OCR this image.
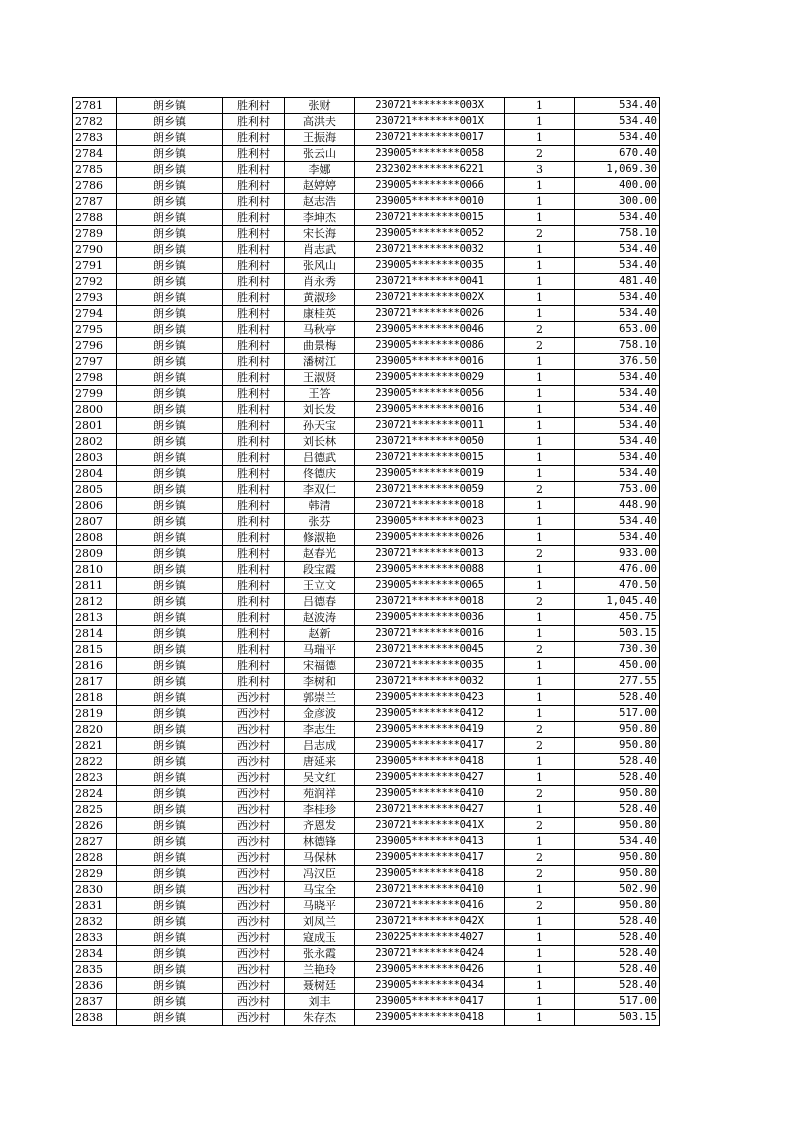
2781	朗乡镇	胜利村	张财	230721********003X	1	534.40
2782	朗乡镇	胜利村	高洪夫	230721********001X	1	534.40
2783	朗乡镇	胜利村	王振海	230721********0017	1	534.40
2784	朗乡镇	胜利村	张云山	239005********0058	2	670.40
2785	朗乡镇	胜利村	李娜	232302********6221	3	1,069.30
2786	朗乡镇	胜利村	赵婷婷	239005********0066	1	400.00
2787	朗乡镇	胜利村	赵志浩	239005********0010	1	300.00
2788	朗乡镇	胜利村	李坤杰	230721********0015	1	534.40
2789	朗乡镇	胜利村	宋长海	239005********0052	2	758.10
2790	朗乡镇	胜利村	肖志武	230721********0032	1	534.40
2791	朗乡镇	胜利村	张风山	239005********0035	1	534.40
2792	朗乡镇	胜利村	肖永秀	230721********0041	1	481.40
2793	朗乡镇	胜利村	黄淑珍	230721********002X	1	534.40
2794	朗乡镇	胜利村	康桂英	230721********0026	1	534.40
2795	朗乡镇	胜利村	马秋亭	239005********0046	2	653.00
2796	朗乡镇	胜利村	曲景梅	239005********0086	2	758.10
2797	朗乡镇	胜利村	潘树江	239005********0016	1	376.50
2798	朗乡镇	胜利村	王淑贤	239005********0029	1	534.40
2799	朗乡镇	胜利村	王答	239005********0056	1	534.40
2800	朗乡镇	胜利村	刘长发	239005********0016	1	534.40
2801	朗乡镇	胜利村	孙天宝	230721********0011	1	534.40
2802	朗乡镇	胜利村	刘长林	230721********0050	1	534.40
2803	朗乡镇	胜利村	吕德武	230721********0015	1	534.40
2804	朗乡镇	胜利村	佟德庆	239005********0019	1	534.40
2805	朗乡镇	胜利村	李双仁	230721********0059	2	753.00
2806	朗乡镇	胜利村	韩清	230721********0018	1	448.90
2807	朗乡镇	胜利村	张芬	239005********0023	1	534.40
2808	朗乡镇	胜利村	修淑艳	239005********0026	1	534.40
2809	朗乡镇	胜利村	赵春光	230721********0013	2	933.00
2810	朗乡镇	胜利村	段宝霞	239005********0088	1	476.00
2811	朗乡镇	胜利村	王立文	239005********0065	1	470.50
2812	朗乡镇	胜利村	吕德春	230721********0018	2	1,045.40
2813	朗乡镇	胜利村	赵波涛	239005********0036	1	450.75
2814	朗乡镇	胜利村	赵新	230721********0016	1	503.15
2815	朗乡镇	胜利村	马瑞平	230721********0045	2	730.30
2816	朗乡镇	胜利村	宋福德	230721********0035	1	450.00
2817	朗乡镇	胜利村	李树和	230721********0032	1	277.55
2818	朗乡镇	西沙村	郭崇兰	239005********0423	1	528.40
2819	朗乡镇	西沙村	金彦波	239005********0412	1	517.00
2820	朗乡镇	西沙村	李志生	239005********0419	2	950.80
2821	朗乡镇	西沙村	吕志成	239005********0417	2	950.80
2822	朗乡镇	西沙村	唐延来	239005********0418	1	528.40
2823	朗乡镇	西沙村	吴文红	239005********0427	1	528.40
2824	朗乡镇	西沙村	苑润祥	239005********0410	2	950.80
2825	朗乡镇	西沙村	李桂珍	230721********0427	1	528.40
2826	朗乡镇	西沙村	齐恩发	230721********041X	2	950.80
2827	朗乡镇	西沙村	林德锋	239005********0413	1	534.40
2828	朗乡镇	西沙村	马保林	239005********0417	2	950.80
2829	朗乡镇	西沙村	冯汉臣	239005********0418	2	950.80
2830	朗乡镇	西沙村	马宝全	230721********0410	1	502.90
2831	朗乡镇	西沙村	马晓平	230721********0416	2	950.80
2832	朗乡镇	西沙村	刘凤兰	230721********042X	1	528.40
2833	朗乡镇	西沙村	寇成玉	230225********4027	1	528.40
2834	朗乡镇	西沙村	张永霞	230721********0424	1	528.40
2835	朗乡镇	西沙村	兰艳玲	239005********0426	1	528.40
2836	朗乡镇	西沙村	聂树廷	239005********0434	1	528.40
2837	朗乡镇	西沙村	刘丰	239005********0417	1	517.00
2838	朗乡镇	西沙村	朱存杰	239005********0418	1	503.15
